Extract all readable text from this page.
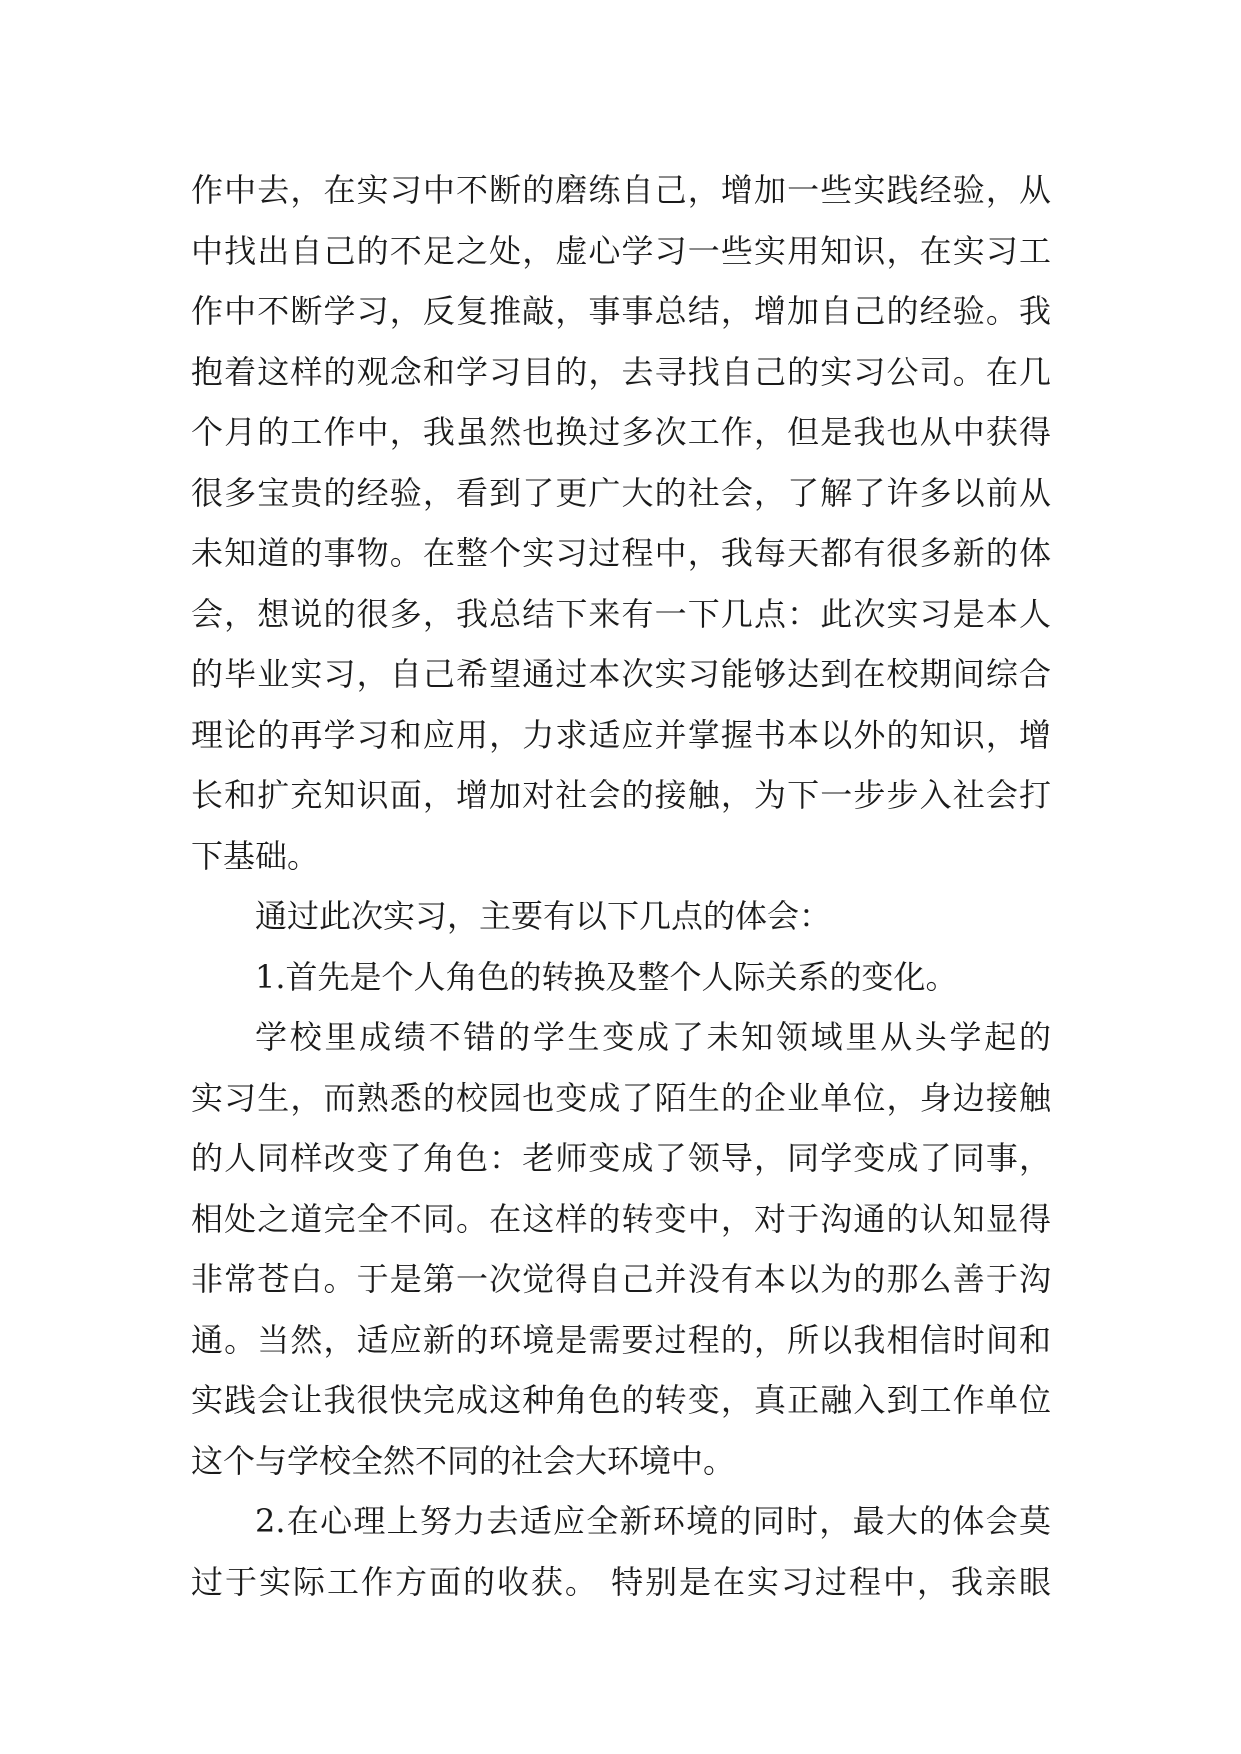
作中去，在实习中不断的磨练自己，增加一些实践经验，从
中找出自己的不足之处，虚心学习一些实用知识，在实习工
作中不断学习，反复推敲，事事总结，增加自己的经验。我
抱着这样的观念和学习目的，去寻找自己的实习公司。在几
个月的工作中，我虽然也换过多次工作，但是我也从中获得
很多宝贵的经验，看到了更广大的社会，了解了许多以前从
未知道的事物。在整个实习过程中，我每天都有很多新的体
会，想说的很多，我总结下来有一下几点：此次实习是本人
的毕业实习，自己希望通过本次实习能够达到在校期间综合
理论的再学习和应用，力求适应并掌握书本以外的知识，增
长和扩充知识面，增加对社会的接触，为下一步步入社会打
下基础。
通过此次实习，主要有以下几点的体会：
1.首先是个人角色的转换及整个人际关系的变化。
学校里成绩不错的学生变成了未知领域里从头学起的
实习生，而熟悉的校园也变成了陌生的企业单位，身边接触
的人同样改变了角色：老师变成了领导，同学变成了同事，
相处之道完全不同。在这样的转变中，对于沟通的认知显得
非常苍白。于是第一次觉得自己并没有本以为的那么善于沟
通。当然，适应新的环境是需要过程的，所以我相信时间和
实践会让我很快完成这种角色的转变，真正融入到工作单位
这个与学校全然不同的社会大环境中。
2.在心理上努力去适应全新环境的同时，最大的体会莫
过于实际工作方面的收获。 特别是在实习过程中，我亲眼
